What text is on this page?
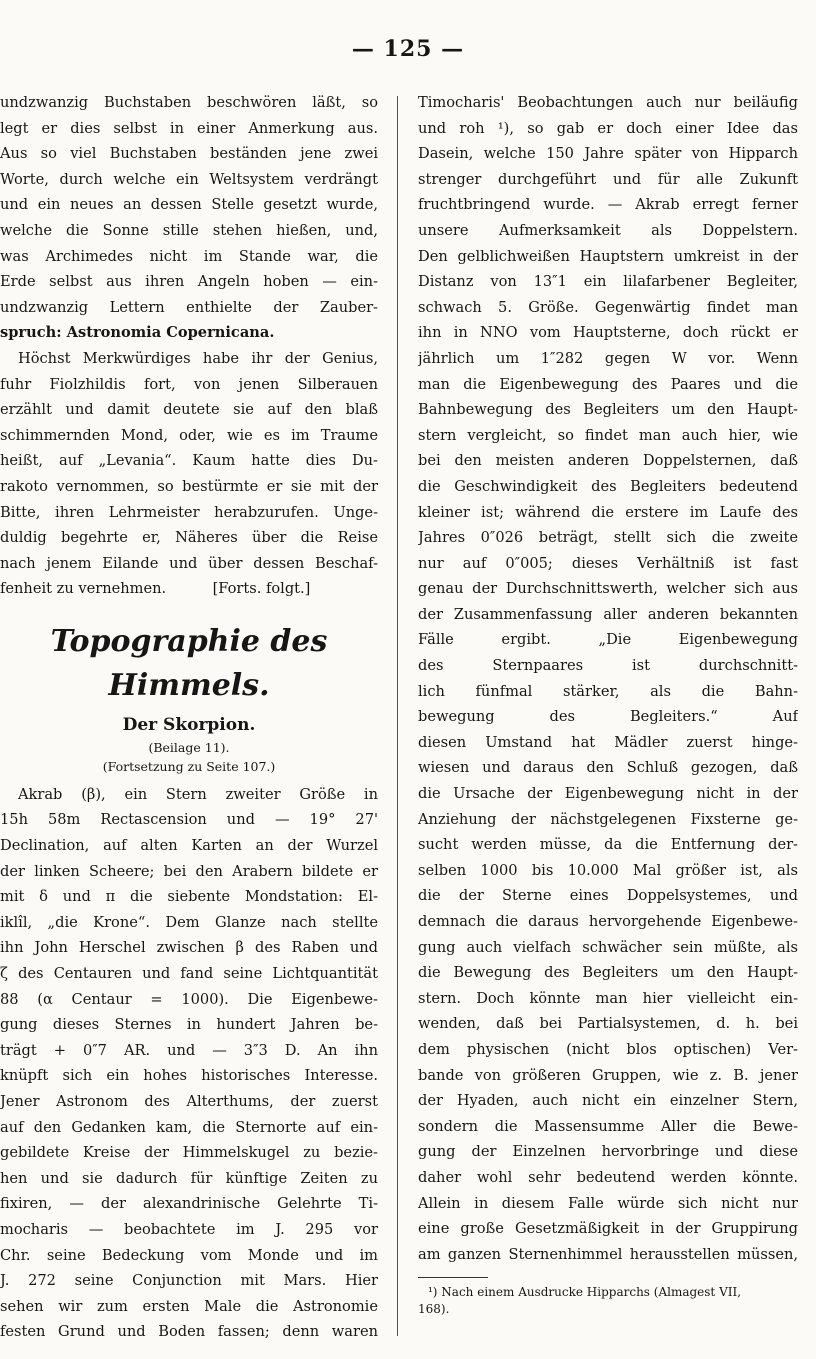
— 125 —
undzwanzig Buchstaben beschwören läßt, so
legt er dies selbst in einer Anmerkung aus.
Aus so viel Buchstaben beständen jene zwei
Worte, durch welche ein Weltsystem verdrängt
und ein neues an dessen Stelle gesetzt wurde,
welche die Sonne stille stehen hießen, und,
was Archimedes nicht im Stande war, die
Erde selbst aus ihren Angeln hoben — ein-
undzwanzig Lettern enthielte der Zauber-
spruch: Astronomia Copernicana.
Höchst Merkwürdiges habe ihr der Genius,
fuhr Fiolzhildis fort, von jenen Silberauen
erzählt und damit deutete sie auf den blaß
schimmernden Mond, oder, wie es im Traume
heißt, auf „Levania“. Kaum hatte dies Du-
rakoto vernommen, so bestürmte er sie mit der
Bitte, ihren Lehrmeister herabzurufen. Unge-
duldig begehrte er, Näheres über die Reise
nach jenem Eilande und über dessen Beschaf-
fenheit zu vernehmen.          [Forts. folgt.]
Topographie des Himmels.
Der Skorpion.
(Beilage 11).
(Fortsetzung zu Seite 107.)
Akrab (β), ein Stern zweiter Größe in
15h 58m Rectascension und — 19° 27'
Declination, auf alten Karten an der Wurzel
der linken Scheere; bei den Arabern bildete er
mit δ und π die siebente Mondstation: El-
iklîl, „die Krone“. Dem Glanze nach stellte
ihn John Herschel zwischen β des Raben und
ζ des Centauren und fand seine Lichtquantität
88 (α Centaur = 1000). Die Eigenbewe-
gung dieses Sternes in hundert Jahren be-
trägt + 0″7 AR. und — 3″3 D. An ihn
knüpft sich ein hohes historisches Interesse.
Jener Astronom des Alterthums, der zuerst
auf den Gedanken kam, die Sternorte auf ein-
gebildete Kreise der Himmelskugel zu bezie-
hen und sie dadurch für künftige Zeiten zu
fixiren, — der alexandrinische Gelehrte Ti-
mocharis — beobachtete im J. 295 vor
Chr. seine Bedeckung vom Monde und im
J. 272 seine Conjunction mit Mars. Hier
sehen wir zum ersten Male die Astronomie
festen Grund und Boden fassen; denn waren
Timocharis' Beobachtungen auch nur beiläufig
und roh ¹), so gab er doch einer Idee das
Dasein, welche 150 Jahre später von Hipparch
strenger durchgeführt und für alle Zukunft
fruchtbringend wurde. — Akrab erregt ferner
unsere Aufmerksamkeit als Doppelstern.
Den gelblichweißen Hauptstern umkreist in der
Distanz von 13″1 ein lilafarbener Begleiter,
schwach 5. Größe. Gegenwärtig findet man
ihn in NNO vom Hauptsterne, doch rückt er
jährlich um 1″282 gegen W vor. Wenn
man die Eigenbewegung des Paares und die
Bahnbewegung des Begleiters um den Haupt-
stern vergleicht, so findet man auch hier, wie
bei den meisten anderen Doppelsternen, daß
die Geschwindigkeit des Begleiters bedeutend
kleiner ist; während die erstere im Laufe des
Jahres 0″026 beträgt, stellt sich die zweite
nur auf 0″005; dieses Verhältniß ist fast
genau der Durchschnittswerth, welcher sich aus
der Zusammenfassung aller anderen bekannten
Fälle ergibt. „Die Eigenbewegung
des Sternpaares ist durchschnitt-
lich fünfmal stärker, als die Bahn-
bewegung des Begleiters.“ Auf
diesen Umstand hat Mädler zuerst hinge-
wiesen und daraus den Schluß gezogen, daß
die Ursache der Eigenbewegung nicht in der
Anziehung der nächstgelegenen Fixsterne ge-
sucht werden müsse, da die Entfernung der-
selben 1000 bis 10.000 Mal größer ist, als
die der Sterne eines Doppelsystemes, und
demnach die daraus hervorgehende Eigenbewe-
gung auch vielfach schwächer sein müßte, als
die Bewegung des Begleiters um den Haupt-
stern. Doch könnte man hier vielleicht ein-
wenden, daß bei Partialsystemen, d. h. bei
dem physischen (nicht blos optischen) Ver-
bande von größeren Gruppen, wie z. B. jener
der Hyaden, auch nicht ein einzelner Stern,
sondern die Massensumme Aller die Bewe-
gung der Einzelnen hervorbringe und diese
daher wohl sehr bedeutend werden könnte.
Allein in diesem Falle würde sich nicht nur
eine große Gesetzmäßigkeit in der Gruppirung
am ganzen Sternenhimmel herausstellen müssen,
¹) Nach einem Ausdrucke Hipparchs (Almagest VII,
168).
